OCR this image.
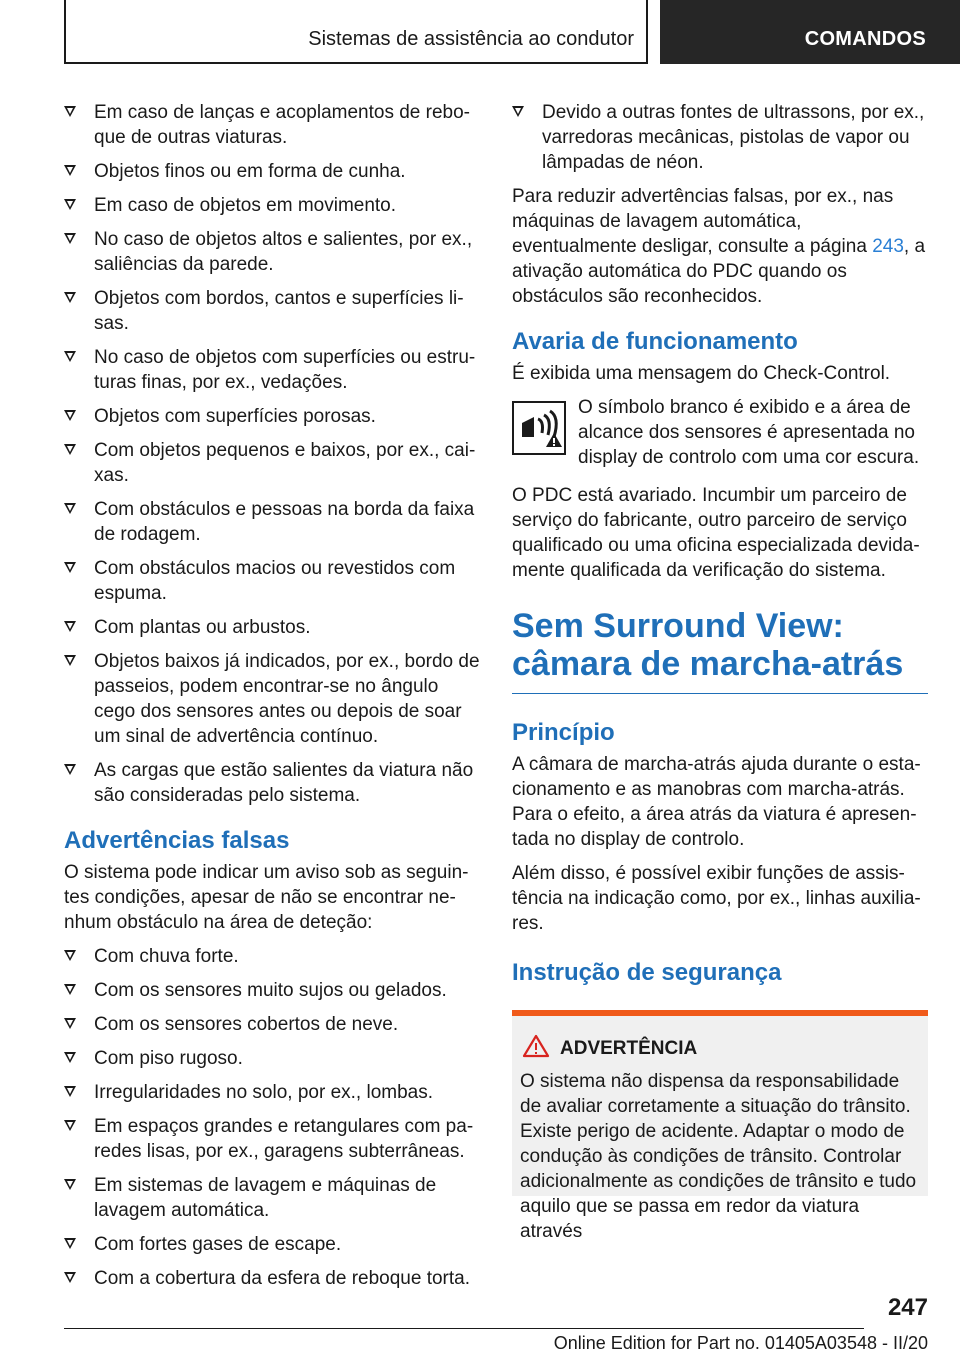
Sistemas de assistência ao condutor	COMANDOS
Em caso de lanças e acoplamentos de reboque de outras viaturas.
Objetos finos ou em forma de cunha.
Em caso de objetos em movimento.
No caso de objetos altos e salientes, por ex., saliências da parede.
Objetos com bordos, cantos e superfícies lisas.
No caso de objetos com superfícies ou estruturas finas, por ex., vedações.
Objetos com superfícies porosas.
Com objetos pequenos e baixos, por ex., caixas.
Com obstáculos e pessoas na borda da faixa de rodagem.
Com obstáculos macios ou revestidos com espuma.
Com plantas ou arbustos.
Objetos baixos já indicados, por ex., bordo de passeios, podem encontrar-se no ângulo cego dos sensores antes ou depois de soar um sinal de advertência contínuo.
As cargas que estão salientes da viatura não são consideradas pelo sistema.
Advertências falsas

O sistema pode indicar um aviso sob as seguintes condições, apesar de não se encontrar nenhum obstáculo na área de deteção:

Com chuva forte.
Com os sensores muito sujos ou gelados.
Com os sensores cobertos de neve.
Com piso rugoso.
Irregularidades no solo, por ex., lombas.
Em espaços grandes e retangulares com paredes lisas, por ex., garagens subterrâneas.
Em sistemas de lavagem e máquinas de lavagem automática.
Com fortes gases de escape.
Com a cobertura da esfera de reboque torta.
Devido a outras fontes de ultrassons, por ex., varredoras mecânicas, pistolas de vapor ou lâmpadas de néon.

Para reduzir advertências falsas, por ex., nas máquinas de lavagem automática, eventualmente desligar, consulte a página 243, a ativação automática do PDC quando os obstáculos são reconhecidos.

Avaria de funcionamento

É exibida uma mensagem do Check-Control.

O símbolo branco é exibido e a área de alcance dos sensores é apresentada no display de controlo com uma cor escura.

O PDC está avariado. Incumbir um parceiro de serviço do fabricante, outro parceiro de serviço qualificado ou uma oficina especializada devidamente qualificada da verificação do sistema.

Sem Surround View: câmara de marcha-atrás
Princípio

A câmara de marcha-atrás ajuda durante o estacionamento e as manobras com marcha-atrás. Para o efeito, a área atrás da viatura é apresentada no display de controlo.

Além disso, é possível exibir funções de assistência na indicação como, por ex., linhas auxiliares.

Instrução de segurança
ADVERTÊNCIA
O sistema não dispensa da responsabilidade de avaliar corretamente a situação do trânsito. Existe perigo de acidente. Adaptar o modo de condução às condições de trânsito. Controlar adicionalmente as condições de trânsito e tudo aquilo que se passa em redor da viatura através
247
Online Edition for Part no. 01405A03548 - II/20
